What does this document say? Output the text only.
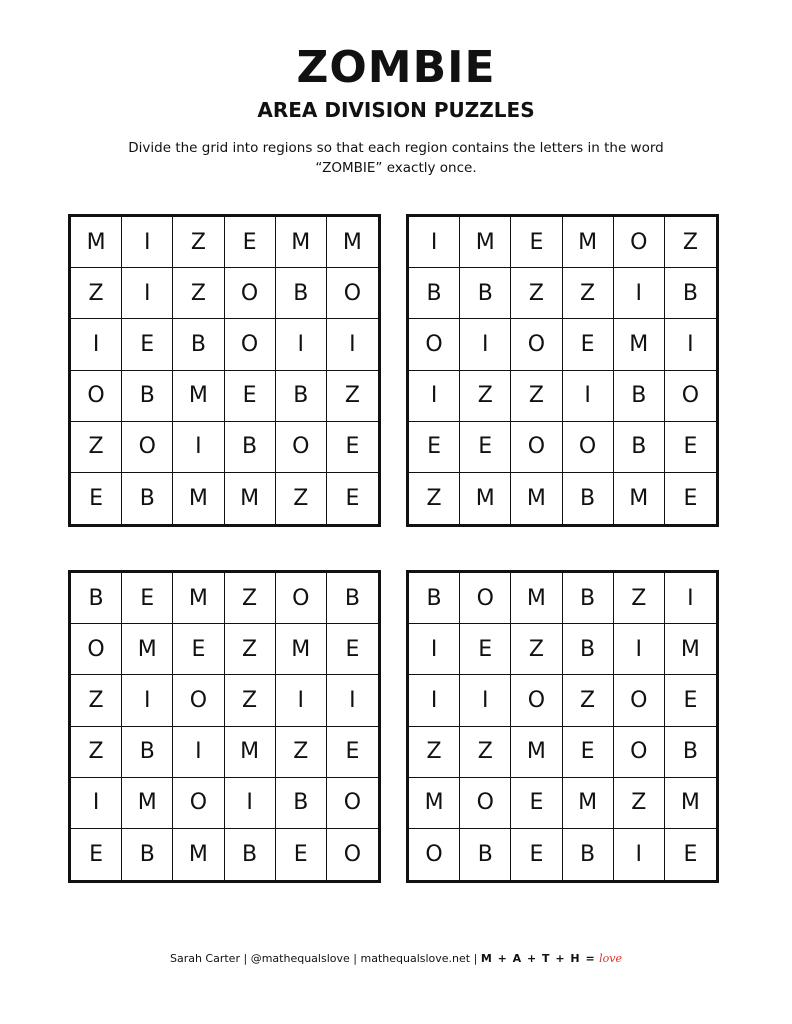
ZOMBIE
AREA DIVISION PUZZLES

Divide the grid into regions so that each region contains the letters in the word “ZOMBIE” exactly once.

M	I	Z	E	M	M
Z	I	Z	O	B	O
I	E	B	O	I	I
O	B	M	E	B	Z
Z	O	I	B	O	E
E	B	M	M	Z	E
I	M	E	M	O	Z
B	B	Z	Z	I	B
O	I	O	E	M	I
I	Z	Z	I	B	O
E	E	O	O	B	E
Z	M	M	B	M	E
B	E	M	Z	O	B
O	M	E	Z	M	E
Z	I	O	Z	I	I
Z	B	I	M	Z	E
I	M	O	I	B	O
E	B	M	B	E	O
B	O	M	B	Z	I
I	E	Z	B	I	M
I	I	O	Z	O	E
Z	Z	M	E	O	B
M	O	E	M	Z	M
O	B	E	B	I	E
Sarah Carter | @mathequalslove | mathequalslove.net | M + A + T + H = love
